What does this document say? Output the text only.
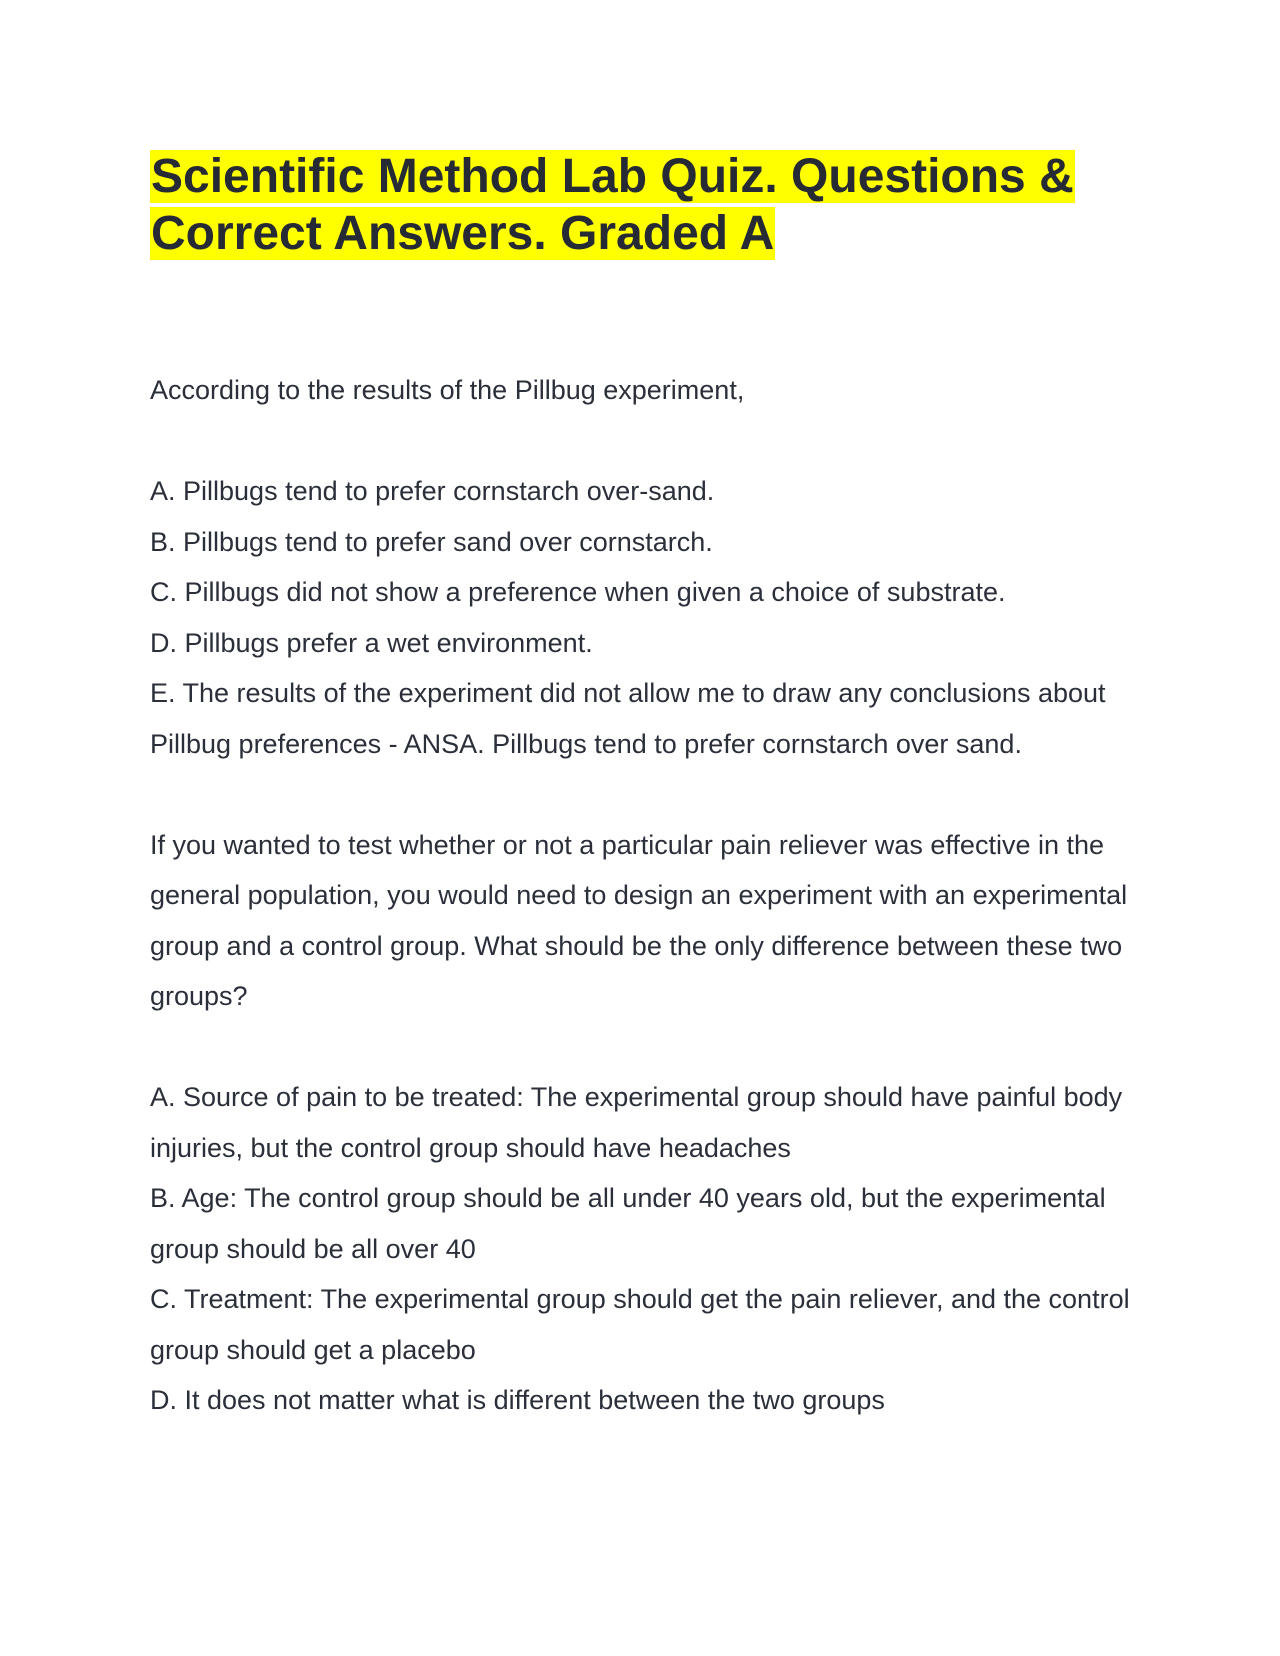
Scientific Method Lab Quiz. Questions & Correct Answers. Graded A

According to the results of the Pillbug experiment,

A. Pillbugs tend to prefer cornstarch over-sand.

B. Pillbugs tend to prefer sand over cornstarch.

C. Pillbugs did not show a preference when given a choice of substrate.

D. Pillbugs prefer a wet environment.

E. The results of the experiment did not allow me to draw any conclusions about Pillbug preferences - ANSA. Pillbugs tend to prefer cornstarch over sand.

If you wanted to test whether or not a particular pain reliever was effective in the general population, you would need to design an experiment with an experimental group and a control group. What should be the only difference between these two groups?

A. Source of pain to be treated: The experimental group should have painful body injuries, but the control group should have headaches

B. Age: The control group should be all under 40 years old, but the experimental group should be all over 40

C. Treatment: The experimental group should get the pain reliever, and the control group should get a placebo

D. It does not matter what is different between the two groups
